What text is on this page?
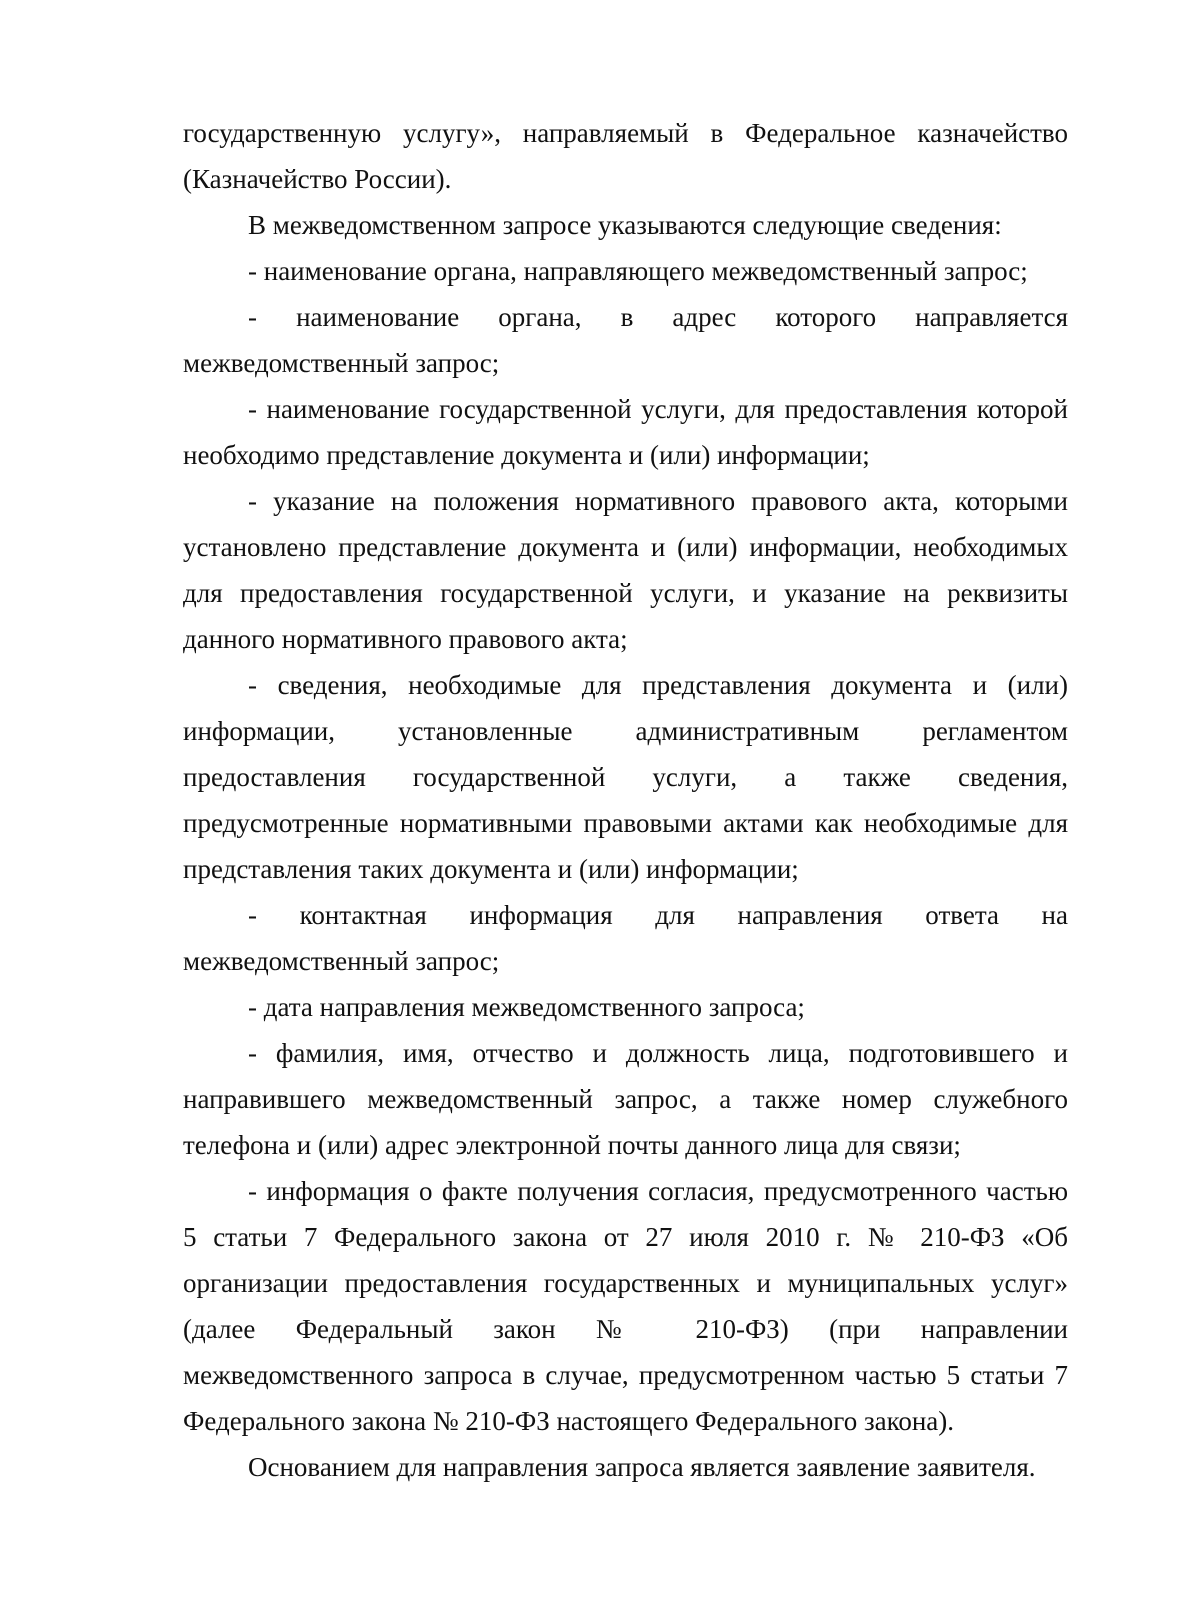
государственную услугу», направляемый в Федеральное казначейство (Казначейство России).

В межведомственном запросе указываются следующие сведения:

- наименование органа, направляющего межведомственный запрос;

- наименование органа, в адрес которого направляется межведомственный запрос;

- наименование государственной услуги, для предоставления которой необходимо представление документа и (или) информации;

- указание на положения нормативного правового акта, которыми установлено представление документа и (или) информации, необходимых для предоставления государственной услуги, и указание на реквизиты данного нормативного правового акта;

- сведения, необходимые для представления документа и (или) информации, установленные административным регламентом предоставления государственной услуги, а также сведения, предусмотренные нормативными правовыми актами как необходимые для представления таких документа и (или) информации;

- контактная информация для направления ответа на межведомственный запрос;

- дата направления межведомственного запроса;

- фамилия, имя, отчество и должность лица, подготовившего и направившего межведомственный запрос, а также номер служебного телефона и (или) адрес электронной почты данного лица для связи;

- информация о факте получения согласия, предусмотренного частью 5 статьи 7 Федерального закона от 27 июля 2010 г. № 210-ФЗ «Об организации предоставления государственных и муниципальных услуг» (далее Федеральный закон № 210-ФЗ) (при направлении межведомственного запроса в случае, предусмотренном частью 5 статьи 7 Федерального закона № 210-ФЗ настоящего Федерального закона).

Основанием для направления запроса является заявление заявителя.
